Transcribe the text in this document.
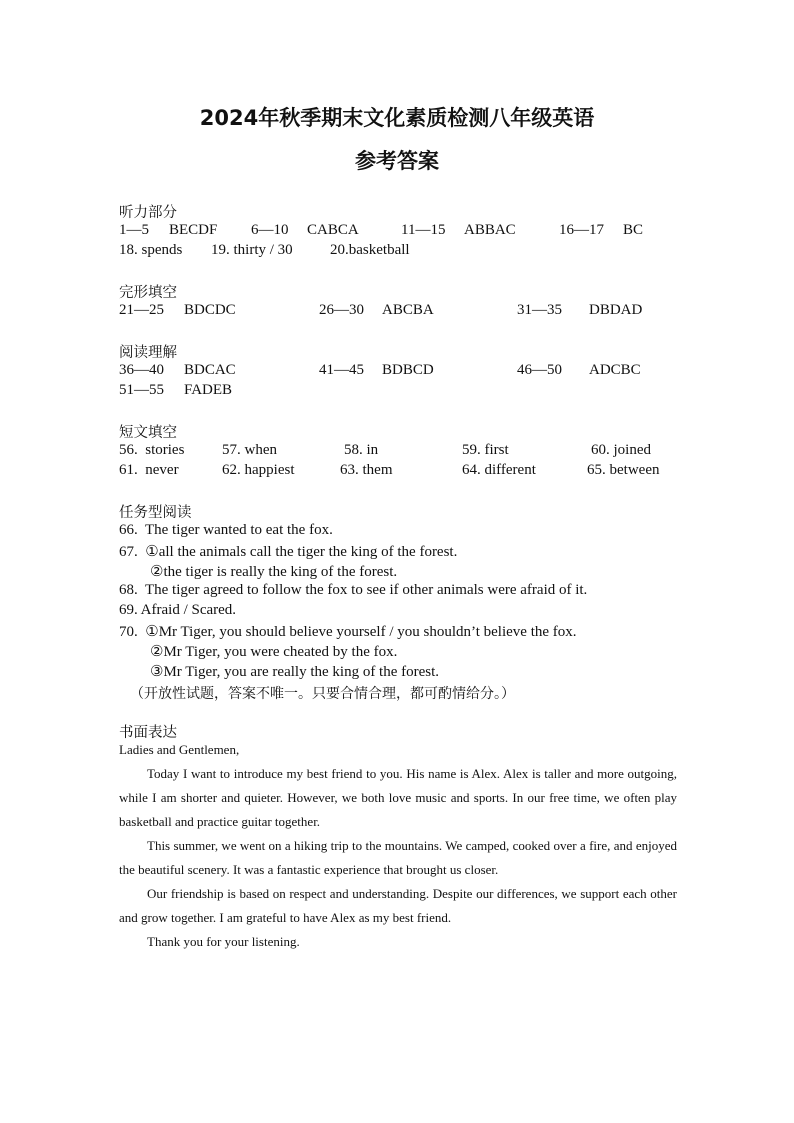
2024年秋季期末文化素质检测八年级英语
参考答案
听力部分
1—5 BECDF 6—10 CABCA	11—15 ABBAC	16—17 BC
18. spends 19. thirty / 30 20.basketball
完形填空
21—25 BDCDC	26—30 ABCBA	31—35 DBDAD
阅读理解
36—40 BDCAC	41—45 BDBCD	46—50 ADCBC
51—55 FADEB
短文填空
56.  stories	57. when	58. in	59. first	60. joined
61.  never	62. happiest	63. them	64. different	65. between
任务型阅读
66.  The tiger wanted to eat the fox.
67.  ①all the animals call the tiger the king of the forest.
②the tiger is really the king of the forest.
68.  The tiger agreed to follow the fox to see if other animals were afraid of it.
69. Afraid / Scared.
70.  ①Mr Tiger, you should believe yourself / you shouldn’t believe the fox.
②Mr Tiger, you were cheated by the fox.
③Mr Tiger, you are really the king of the forest.
（开放性试题，答案不唯一。只要合情合理，都可酌情给分。）
书面表达

Ladies and Gentlemen,

Today I want to introduce my best friend to you. His name is Alex. Alex is taller and more outgoing, while I am shorter and quieter. However, we both love music and sports. In our free time, we often play basketball and practice guitar together.

This summer, we went on a hiking trip to the mountains. We camped, cooked over a fire, and enjoyed the beautiful scenery. It was a fantastic experience that brought us closer.

Our friendship is based on respect and understanding. Despite our differences, we support each other and grow together. I am grateful to have Alex as my best friend.

Thank you for your listening.
